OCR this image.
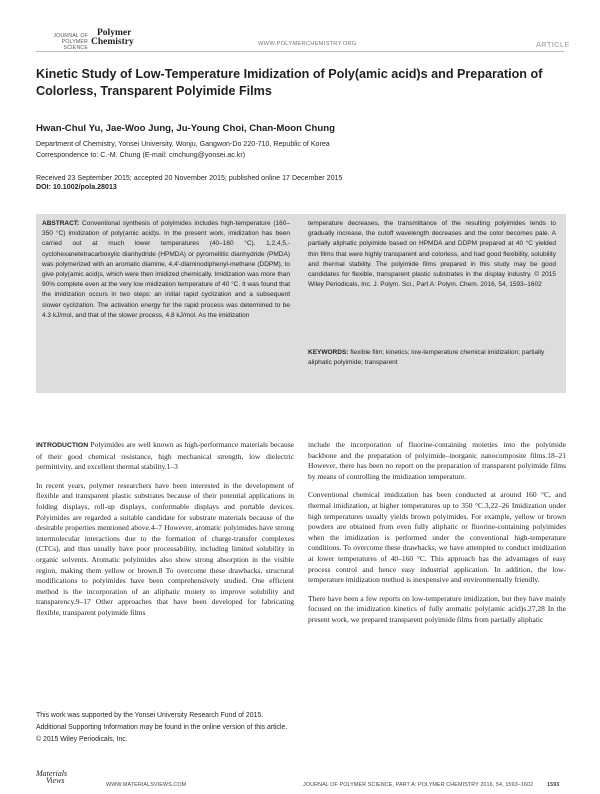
JOURNAL OF
POLYMER SCIENCE
Polymer
Chemistry	WWW.POLYMERCHEMISTRY.ORG	ARTICLE
Kinetic Study of Low-Temperature Imidization of Poly(amic acid)s and Preparation of Colorless, Transparent Polyimide Films
Hwan-Chul Yu, Jae-Woo Jung, Ju-Young Choi, Chan-Moon Chung
Department of Chemistry, Yonsei University, Wonju, Gangwon-Do 220-710, Republic of Korea
Correspondence to: C.-M. Chung (E-mail: cmchung@yonsei.ac.kr)
Received 23 September 2015; accepted 20 November 2015; published online 17 December 2015
DOI: 10.1002/pola.28013
ABSTRACT: Conventional synthesis of polyimides includes high-temperature (160–350 °C) imidization of poly(amic acid)s. In the present work, imidization has been carried out at much lower temperatures (40–160 °C). 1,2,4,5,-cyclohexanetetracarboxylic dianhydride (HPMDA) or pyromellitic dianhydride (PMDA) was polymerized with an aromatic diamine, 4,4′-diaminodiphenyl-methane (DDPM), to give poly(amic acid)s, which were then imidized chemically. Imidization was more than 90% complete even at the very low imidization temperature of 40 °C. It was found that the imidization occurs in two steps: an initial rapid cyclization and a subsequent slower cyclization. The activation energy for the rapid process was determined to be 4.3 kJ/mol, and that of the slower process, 4.8 kJ/mol. As the imidization
temperature decreases, the transmittance of the resulting polyimides tends to gradually increase, the cutoff wavelength decreases and the color becomes pale. A partially aliphatic polyimide based on HPMDA and DDPM prepared at 40 °C yielded thin films that were highly transparent and colorless, and had good flexibility, solubility and thermal stability. The polyimide films prepared in this study may be good candidates for flexible, transparent plastic substrates in the display industry. © 2015 Wiley Periodicals, Inc. J. Polym. Sci., Part A: Polym. Chem. 2016, 54, 1593–1602
KEYWORDS: flexible film; kinetics; low-temperature chemical imidization; partially aliphatic polyimide; transparent

INTRODUCTION Polyimides are well known as high-performance materials because of their good chemical resistance, high mechanical strength, low dielectric permittivity, and excellent thermal stability.1–3

In recent years, polymer researchers have been interested in the development of flexible and transparent plastic substrates because of their potential applications in folding displays, roll-up displays, conformable displays and portable devices. Polyimides are regarded a suitable candidate for substrate materials because of the desirable properties mentioned above.4–7 However, aromatic polyimides have strong intermolecular interactions due to the formation of charge-transfer complexes (CTCs), and thus usually have poor processability, including limited solubility in organic solvents. Aromatic polyimides also show strong absorption in the visible region, making them yellow or brown.8 To overcome these drawbacks, structural modifications to polyimides have been comprehensively studied. One efficient method is the incorporation of an aliphatic moiety to improve solubility and transparency.9–17 Other approaches that have been developed for fabricating flexible, transparent polyimide films

include the incorporation of fluorine-containing moieties into the polyimide backbone and the preparation of polyimide–inorganic nanocomposite films.18–21 However, there has been no report on the preparation of transparent polyimide films by means of controlling the imidization temperature.

Conventional chemical imidization has been conducted at around 160 °C, and thermal imidization, at higher temperatures up to 350 °C.3,22–26 Imidization under high temperatures usually yields brown polyimides. For example, yellow or brown powders are obtained from even fully aliphatic or fluorine-containing polyimides when the imidization is performed under the conventional high-temperature conditions. To overcome these drawbacks, we have attempted to conduct imidization at lower temperatures of 40–160 °C. This approach has the advantages of easy process control and hence easy industrial application. In addition, the low-temperature imidization method is inexpensive and environmentally friendly.

There have been a few reports on low-temperature imidization, but they have mainly focused on the imidization kinetics of fully aromatic poly(amic acid)s.27,28 In the present work, we prepared transparent polyimide films from partially aliphatic

This work was supported by the Yonsei University Research Fund of 2015.
Additional Supporting Information may be found in the online version of this article.
© 2015 Wiley Periodicals, Inc.
Materials
Views	WWW.MATERIALSVIEWS.COM	JOURNAL OF POLYMER SCIENCE, PART A: POLYMER CHEMISTRY 2016, 54, 1593–1602	1593
